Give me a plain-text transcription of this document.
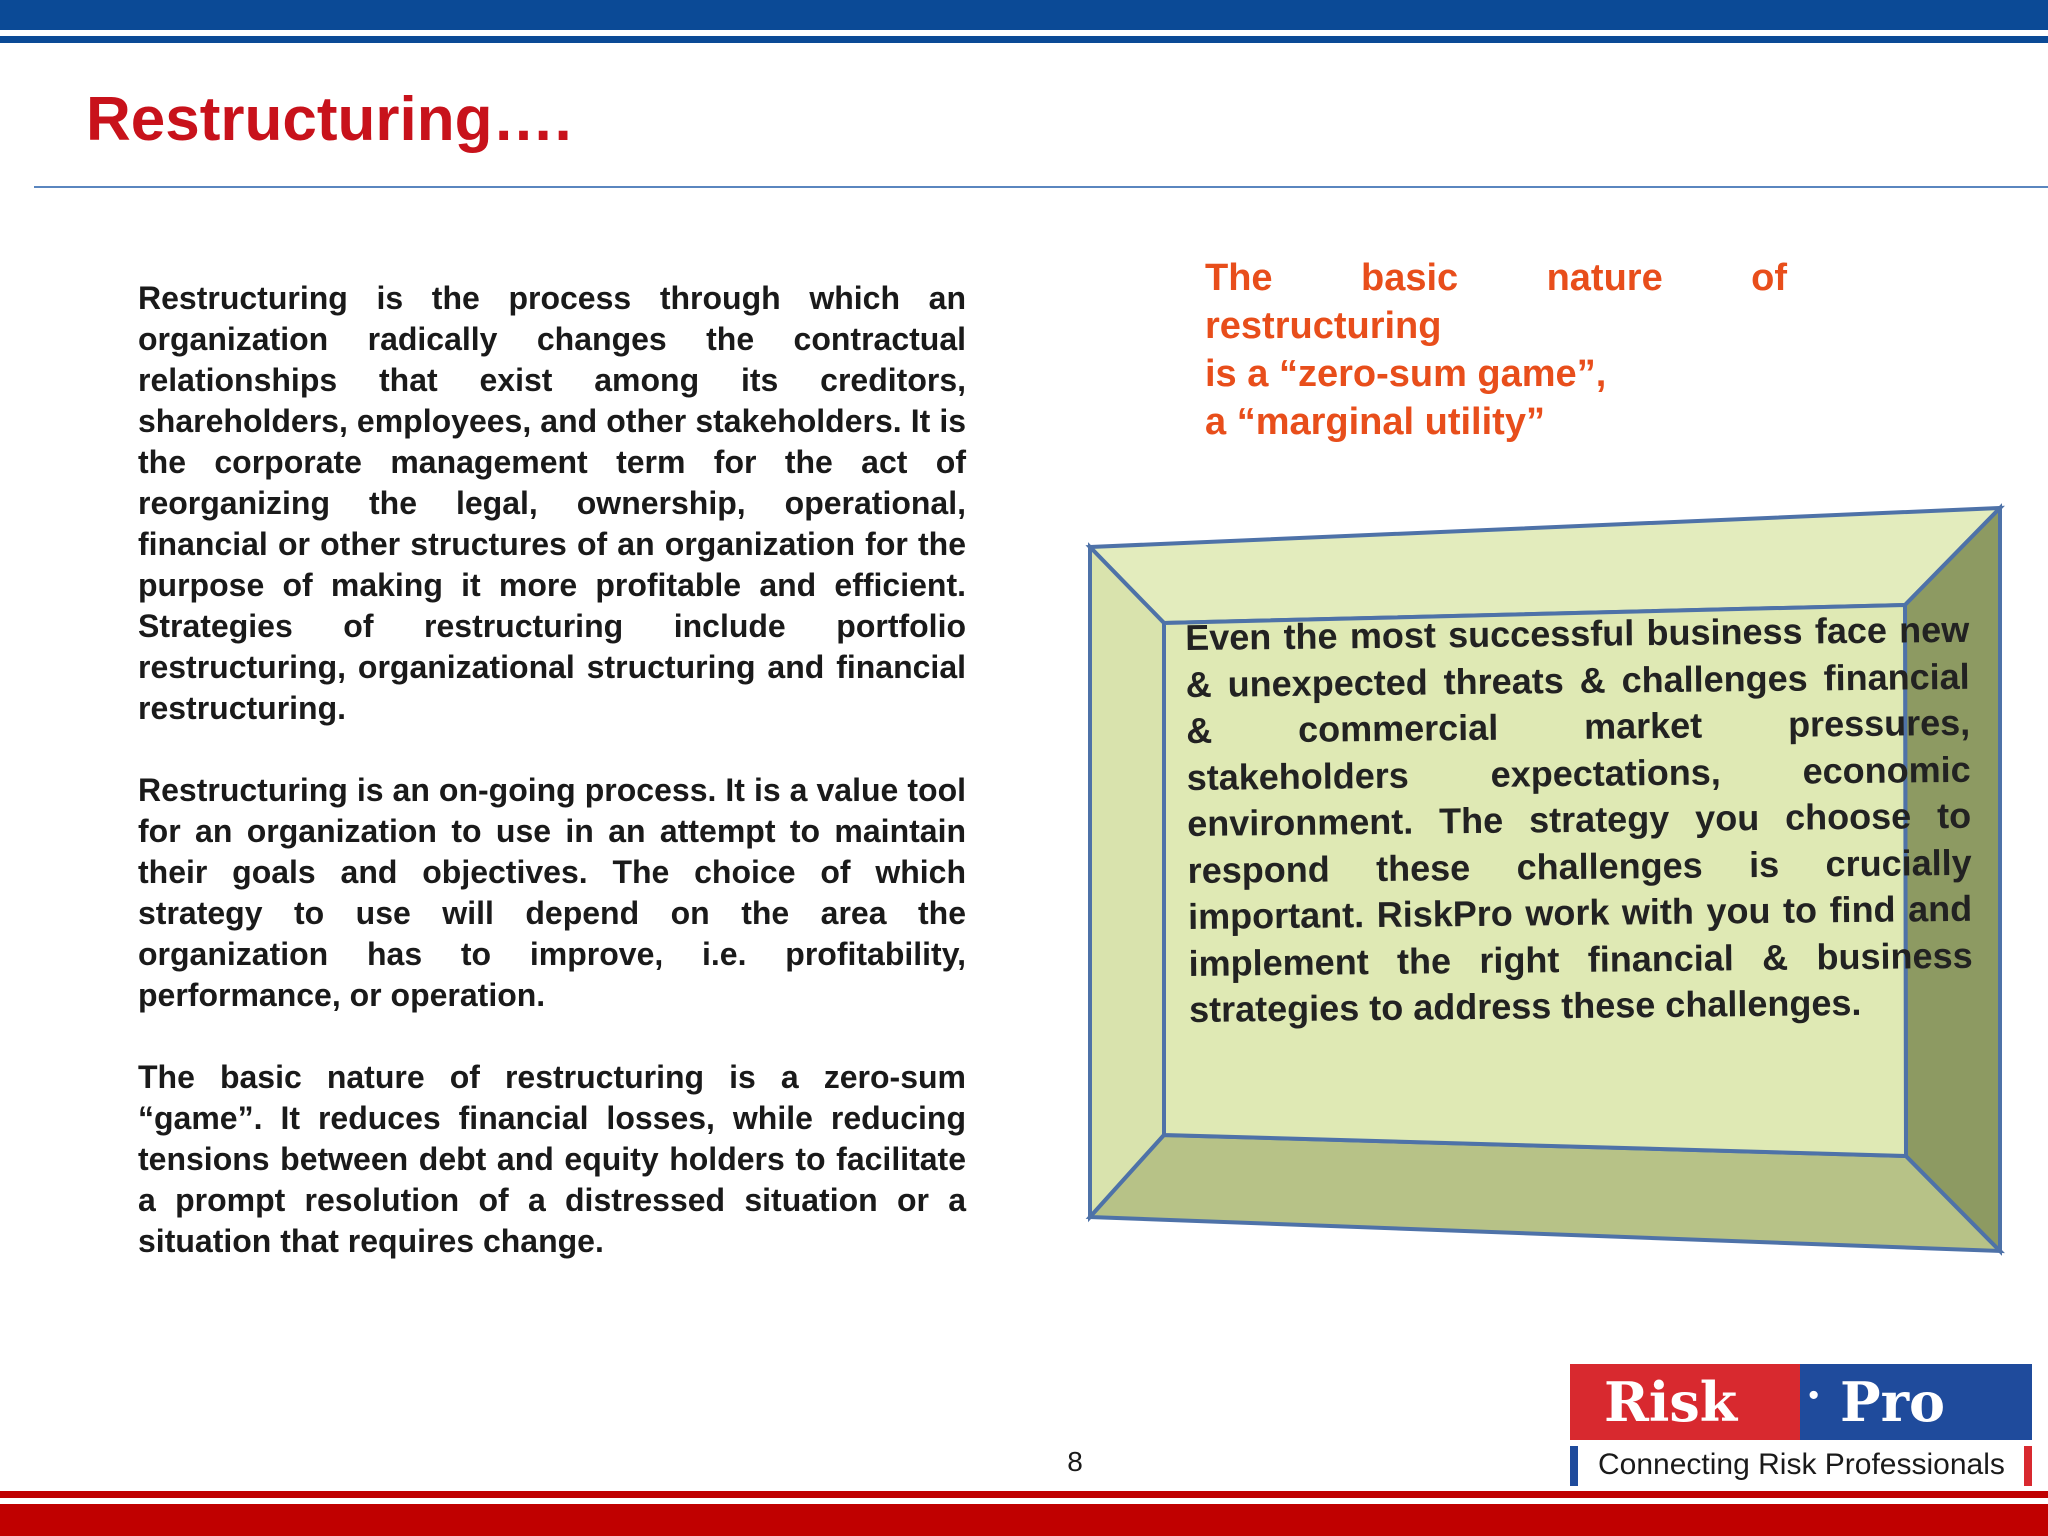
Restructuring….

Restructuring is the process through which an organization radically changes the contractual relationships that exist among its creditors, shareholders, employees, and other stakeholders. It is the corporate management term for the act of reorganizing the legal, ownership, operational, financial or other structures of an organization for the purpose of making it more profitable and efficient. Strategies of restructuring include portfolio restructuring, organizational structuring and financial restructuring.

Restructuring is an on-going process. It is a value tool for an organization to use in an attempt to maintain their goals and objectives. The choice of which strategy to use will depend on the area the organization has to improve, i.e. profitability, performance, or operation.

The basic nature of restructuring is a zero-sum “game”. It reduces financial losses, while reducing tensions between debt and equity holders to facilitate a prompt resolution of a distressed situation or a situation that requires change.

The basic nature of
restructuring
is a “zero-sum game”,
a “marginal utility”
Even the most successful business face new & unexpected threats & challenges financial & commercial market pressures, stakeholders expectations, economic environment. The strategy you choose to respond these challenges is crucially important. RiskPro work with you to find and implement the right financial & business strategies to address these challenges.
8
Risk · Pro
Connecting Risk Professionals
